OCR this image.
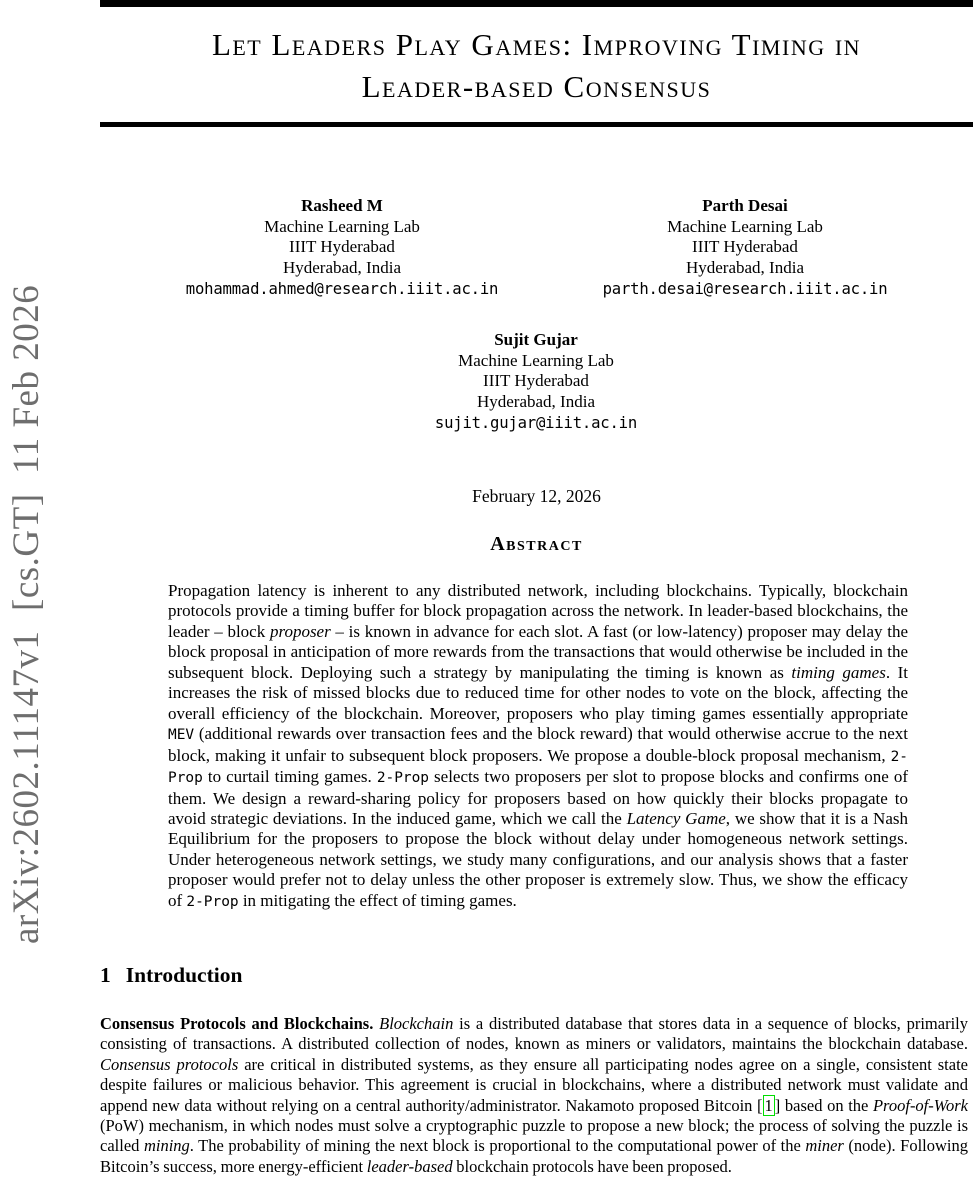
arXiv:2602.11147v1  [cs.GT]  11 Feb 2026
Let Leaders Play Games: Improving Timing in
Leader-based Consensus
Rasheed M
Machine Learning Lab
IIIT Hyderabad
Hyderabad, India
mohammad.ahmed@research.iiit.ac.in
Parth Desai
Machine Learning Lab
IIIT Hyderabad
Hyderabad, India
parth.desai@research.iiit.ac.in
Sujit Gujar
Machine Learning Lab
IIIT Hyderabad
Hyderabad, India
sujit.gujar@iiit.ac.in
February 12, 2026
Abstract
Propagation latency is inherent to any distributed network, including blockchains. Typically, blockchain protocols provide a timing buffer for block propagation across the network. In leader-based blockchains, the leader – block proposer – is known in advance for each slot. A fast (or low-latency) proposer may delay the block proposal in anticipation of more rewards from the transactions that would otherwise be included in the subsequent block. Deploying such a strategy by manipulating the timing is known as timing games. It increases the risk of missed blocks due to reduced time for other nodes to vote on the block, affecting the overall efficiency of the blockchain. Moreover, proposers who play timing games essentially appropriate MEV (additional rewards over transaction fees and the block reward) that would otherwise accrue to the next block, making it unfair to subsequent block proposers. We propose a double-block proposal mechanism, 2-Prop to curtail timing games. 2-Prop selects two proposers per slot to propose blocks and confirms one of them. We design a reward-sharing policy for proposers based on how quickly their blocks propagate to avoid strategic deviations. In the induced game, which we call the Latency Game, we show that it is a Nash Equilibrium for the proposers to propose the block without delay under homogeneous network settings. Under heterogeneous network settings, we study many configurations, and our analysis shows that a faster proposer would prefer not to delay unless the other proposer is extremely slow. Thus, we show the efficacy of 2-Prop in mitigating the effect of timing games.
1 Introduction
Consensus Protocols and Blockchains. Blockchain is a distributed database that stores data in a sequence of blocks, primarily consisting of transactions. A distributed collection of nodes, known as miners or validators, maintains the blockchain database. Consensus protocols are critical in distributed systems, as they ensure all participating nodes agree on a single, consistent state despite failures or malicious behavior. This agreement is crucial in blockchains, where a distributed network must validate and append new data without relying on a central authority/administrator. Nakamoto proposed Bitcoin [ 1 ] based on the Proof-of-Work (PoW) mechanism, in which nodes must solve a cryptographic puzzle to propose a new block; the process of solving the puzzle is called mining. The probability of mining the next block is proportional to the computational power of the miner (node). Following Bitcoin’s success, more energy-efficient leader-based blockchain protocols have been proposed.
